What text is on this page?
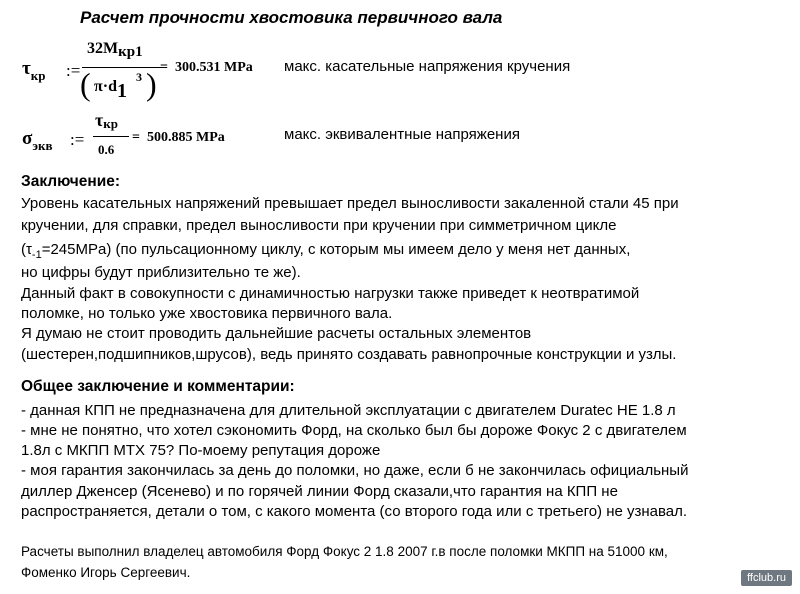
Расчет прочности хвостовика первичного вала
$\tau_{кр}$ :=
32Mкр1
( π·d1
3 ) = 300.531 MPa макс. касательные напряжения кручения
$\sigma_{экв}$ :=
τкр
0.6
= 500.885 MPa	макс. эквивалентные напряжения
Заключение:
Уровень касательных напряжений превышает предел выносливости закаленной стали 45 при
кручении, для справки, предел выносливости при кручении при симметричном цикле
$(\tau_{-1}=245MPa)$ (по пульсационному циклу, с которым мы имеем дело у меня нет данных,
но цифры будут приблизительно те же).
Данный факт в совокупности с динамичностью нагрузки также приведет к неотвратимой
поломке, но только уже хвостовика первичного вала.
Я думаю не стоит проводить дальнейшие расчеты остальных элементов
(шестерен,подшипников,шрусов), ведь принято создавать равнопрочные конструкции и узлы.
Общее заключение и комментарии:
- данная КПП не предназначена для длительной эксплуатации с двигателем Duratec HE 1.8 л
- мне не понятно, что хотел сэкономить Форд, на сколько был бы дороже Фокус 2 с двигателем
1.8л с МКПП МТХ 75? По-моему репутация дороже
- моя гарантия закончилась за день до поломки, но даже, если б не закончилась официальный
диллер Дженсер (Ясенево) и по горячей линии Форд сказали,что гарантия на КПП не
распространяется, детали о том, с какого момента (со второго года или с третьего) не узнавал.
Расчеты выполнил владелец автомобиля Форд Фокус 2 1.8 2007 г.в после поломки МКПП на 51000 км,
Фоменко Игорь Сергеевич.	ffclub.ru
